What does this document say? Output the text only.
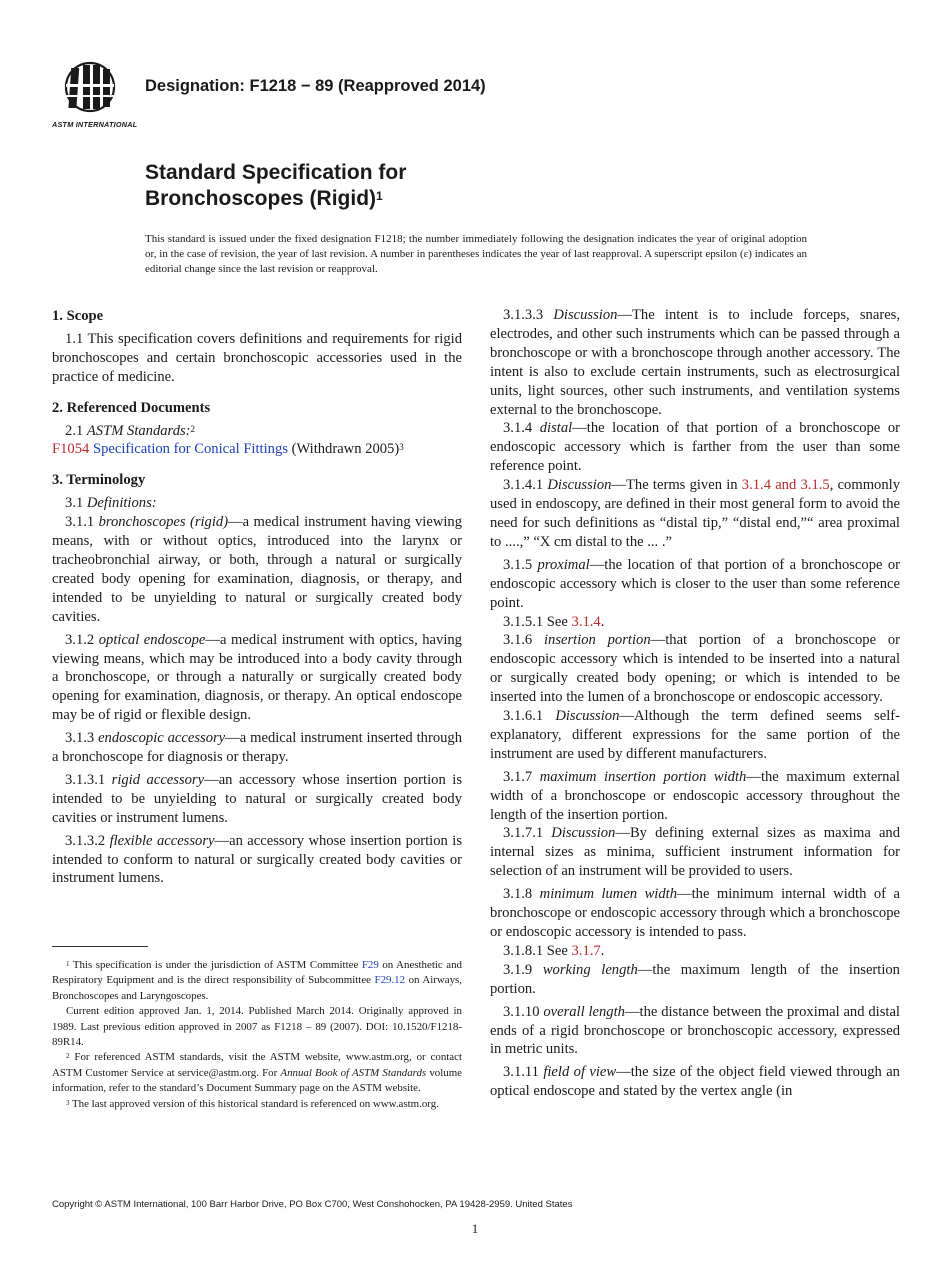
ASTM INTERNATIONAL
Designation: F1218 − 89 (Reapproved 2014)
Standard Specification for
Bronchoscopes (Rigid)$^1$
This standard is issued under the fixed designation F1218; the number immediately following the designation indicates the year of original adoption or, in the case of revision, the year of last revision. A number in parentheses indicates the year of last reapproval. A superscript epsilon (ε) indicates an editorial change since the last revision or reapproval.
1. Scope

1.1 This specification covers definitions and requirements for rigid bronchoscopes and certain bronchoscopic accessories used in the practice of medicine.

2. Referenced Documents

2.1 ASTM Standards:$^2$

F1054 Specification for Conical Fittings (Withdrawn 2005)$^3$

3. Terminology

3.1 Definitions:

3.1.1 bronchoscopes (rigid)—a medical instrument having viewing means, with or without optics, introduced into the larynx or tracheobronchial airway, or both, through a natural or surgically created body opening for examination, diagnosis, or therapy, and intended to be unyielding to natural or surgically created body cavities.

3.1.2 optical endoscope—a medical instrument with optics, having viewing means, which may be introduced into a body cavity through a bronchoscope, or through a naturally or surgically created body opening for examination, diagnosis, or therapy. An optical endoscope may be of rigid or flexible design.

3.1.3 endoscopic accessory—a medical instrument inserted through a bronchoscope for diagnosis or therapy.

3.1.3.1 rigid accessory—an accessory whose insertion portion is intended to be unyielding to natural or surgically created body cavities or instrument lumens.

3.1.3.2 flexible accessory—an accessory whose insertion portion is intended to conform to natural or surgically created body cavities or instrument lumens.

3.1.3.3 Discussion—The intent is to include forceps, snares, electrodes, and other such instruments which can be passed through a bronchoscope or with a bronchoscope through another accessory. The intent is also to exclude certain instruments, such as electrosurgical units, light sources, other such instruments, and ventilation systems external to the bronchoscope.

3.1.4 distal—the location of that portion of a bronchoscope or endoscopic accessory which is farther from the user than some reference point.

3.1.4.1 Discussion—The terms given in 3.1.4 and 3.1.5, commonly used in endoscopy, are defined in their most general form to avoid the need for such definitions as “distal tip,” “distal end,”“ area proximal to ....,” “X cm distal to the ... .”

3.1.5 proximal—the location of that portion of a bronchoscope or endoscopic accessory which is closer to the user than some reference point.

3.1.5.1 See 3.1.4.

3.1.6 insertion portion—that portion of a bronchoscope or endoscopic accessory which is intended to be inserted into a natural or surgically created body opening; or which is intended to be inserted into the lumen of a bronchoscope or endoscopic accessory.

3.1.6.1 Discussion—Although the term defined seems self-explanatory, different expressions for the same portion of the instrument are used by different manufacturers.

3.1.7 maximum insertion portion width—the maximum external width of a bronchoscope or endoscopic accessory throughout the length of the insertion portion.

3.1.7.1 Discussion—By defining external sizes as maxima and internal sizes as minima, sufficient instrument information for selection of an instrument will be provided to users.

3.1.8 minimum lumen width—the minimum internal width of a bronchoscope or endoscopic accessory through which a bronchoscope or endoscopic accessory is intended to pass.

3.1.8.1 See 3.1.7.

3.1.9 working length—the maximum length of the insertion portion.

3.1.10 overall length—the distance between the proximal and distal ends of a rigid bronchoscope or bronchoscopic accessory, expressed in metric units.

3.1.11 field of view—the size of the object field viewed through an optical endoscope and stated by the vertex angle (in

$^1$ This specification is under the jurisdiction of ASTM Committee F29 on Anesthetic and Respiratory Equipment and is the direct responsibility of Subcommittee F29.12 on Airways, Bronchoscopes and Laryngoscopes.

Current edition approved Jan. 1, 2014. Published March 2014. Originally approved in 1989. Last previous edition approved in 2007 as F1218 – 89 (2007). DOI: 10.1520/F1218-89R14.

$^2$ For referenced ASTM standards, visit the ASTM website, www.astm.org, or contact ASTM Customer Service at service@astm.org. For Annual Book of ASTM Standards volume information, refer to the standard’s Document Summary page on the ASTM website.

$^3$ The last approved version of this historical standard is referenced on www.astm.org.

Copyright © ASTM International, 100 Barr Harbor Drive, PO Box C700, West Conshohocken, PA 19428-2959. United States
1
